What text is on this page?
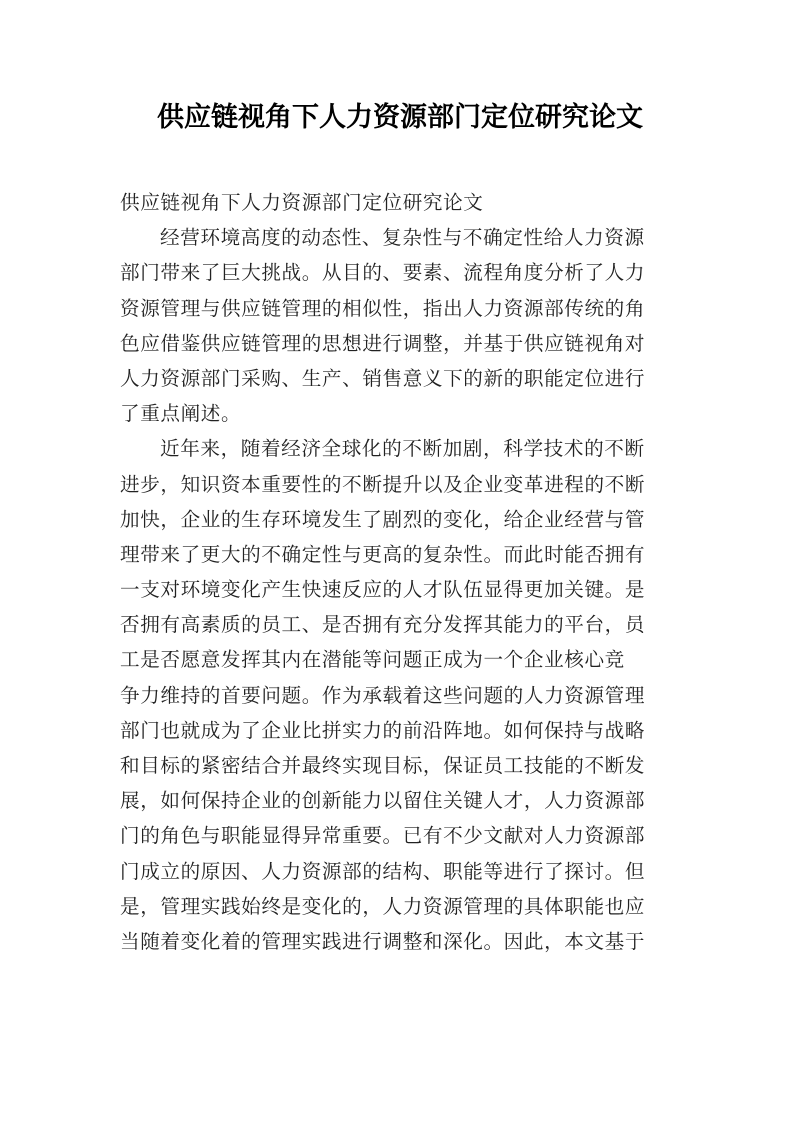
供应链视角下人力资源部门定位研究论文
供应链视角下人力资源部门定位研究论文
经营环境高度的动态性、复杂性与不确定性给人力资源
部门带来了巨大挑战。从目的、要素、流程角度分析了人力
资源管理与供应链管理的相似性，指出人力资源部传统的角
色应借鉴供应链管理的思想进行调整，并基于供应链视角对
人力资源部门采购、生产、销售意义下的新的职能定位进行
了重点阐述。
近年来，随着经济全球化的不断加剧，科学技术的不断
进步，知识资本重要性的不断提升以及企业变革进程的不断
加快，企业的生存环境发生了剧烈的变化，给企业经营与管
理带来了更大的不确定性与更高的复杂性。而此时能否拥有
一支对环境变化产生快速反应的人才队伍显得更加关键。是
否拥有高素质的员工、是否拥有充分发挥其能力的平台，员
工是否愿意发挥其内在潜能等问题正成为一个企业核心竞
争力维持的首要问题。作为承载着这些问题的人力资源管理
部门也就成为了企业比拼实力的前沿阵地。如何保持与战略
和目标的紧密结合并最终实现目标，保证员工技能的不断发
展，如何保持企业的创新能力以留住关键人才，人力资源部
门的角色与职能显得异常重要。已有不少文献对人力资源部
门成立的原因、人力资源部的结构、职能等进行了探讨。但
是，管理实践始终是变化的，人力资源管理的具体职能也应
当随着变化着的管理实践进行调整和深化。因此，本文基于
